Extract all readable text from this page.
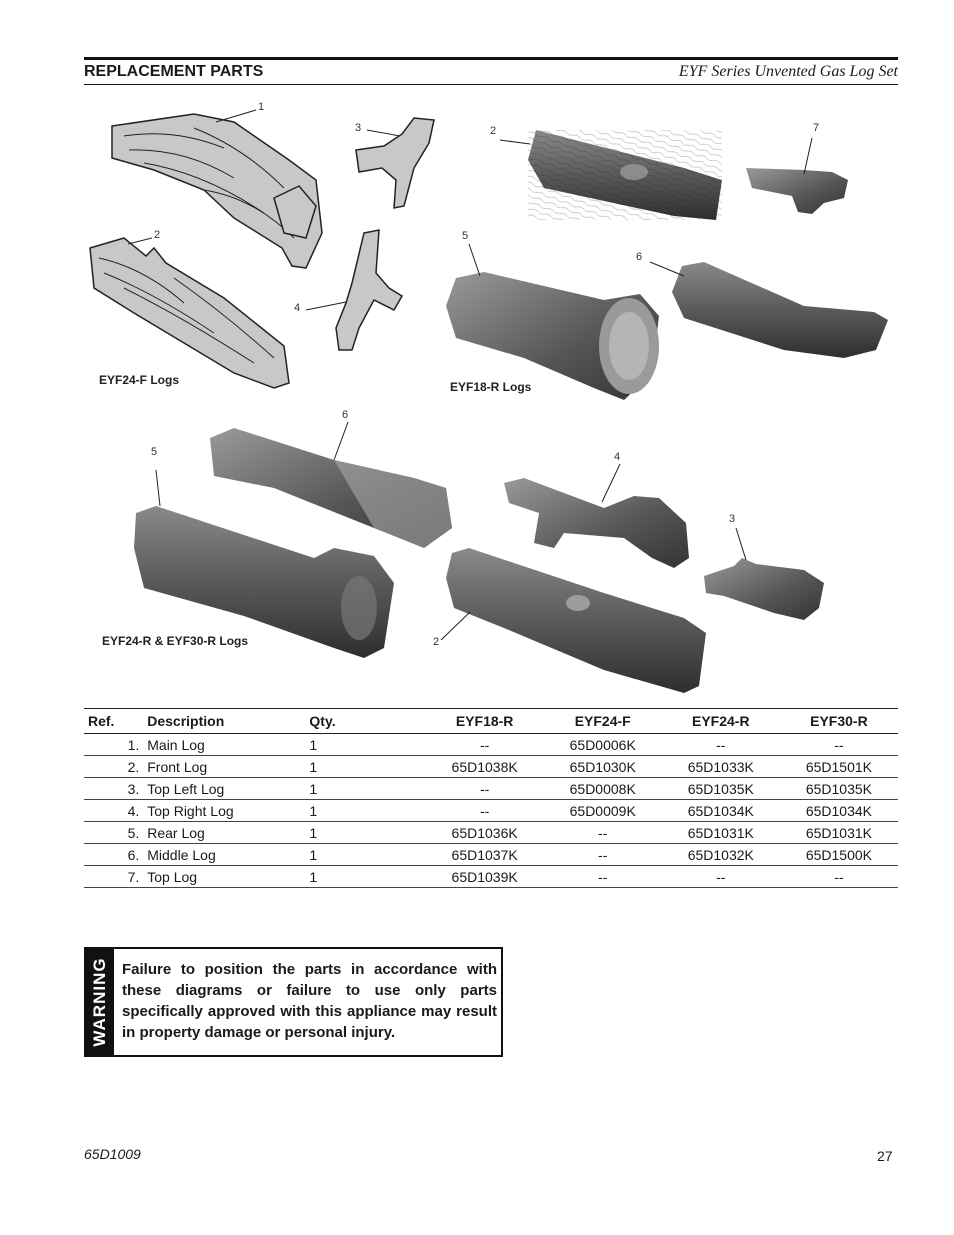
REPLACEMENT PARTS	EYF Series Unvented Gas Log Set
1
2
3
4
2	7
5
6
6
5	4
3
2
EYF24-F Logs	EYF18-R Logs
EYF24-R & EYF30-R Logs
Ref.	Description	Qty.	EYF18-R	EYF24-F	EYF24-R	EYF30-R
1.	Main Log	1	--	65D0006K	--	--
2.	Front Log	1	65D1038K	65D1030K	65D1033K	65D1501K
3.	Top Left Log	1	--	65D0008K	65D1035K	65D1035K
4.	Top Right Log	1	--	65D0009K	65D1034K	65D1034K
5.	Rear Log	1	65D1036K	--	65D1031K	65D1031K
6.	Middle Log	1	65D1037K	--	65D1032K	65D1500K
7.	Top Log	1	65D1039K	--	--	--
WARNING Failure to position the parts in accordance with these diagrams or failure to use only parts specifically approved with this appliance may result in property damage or personal injury.
65D1009	27
